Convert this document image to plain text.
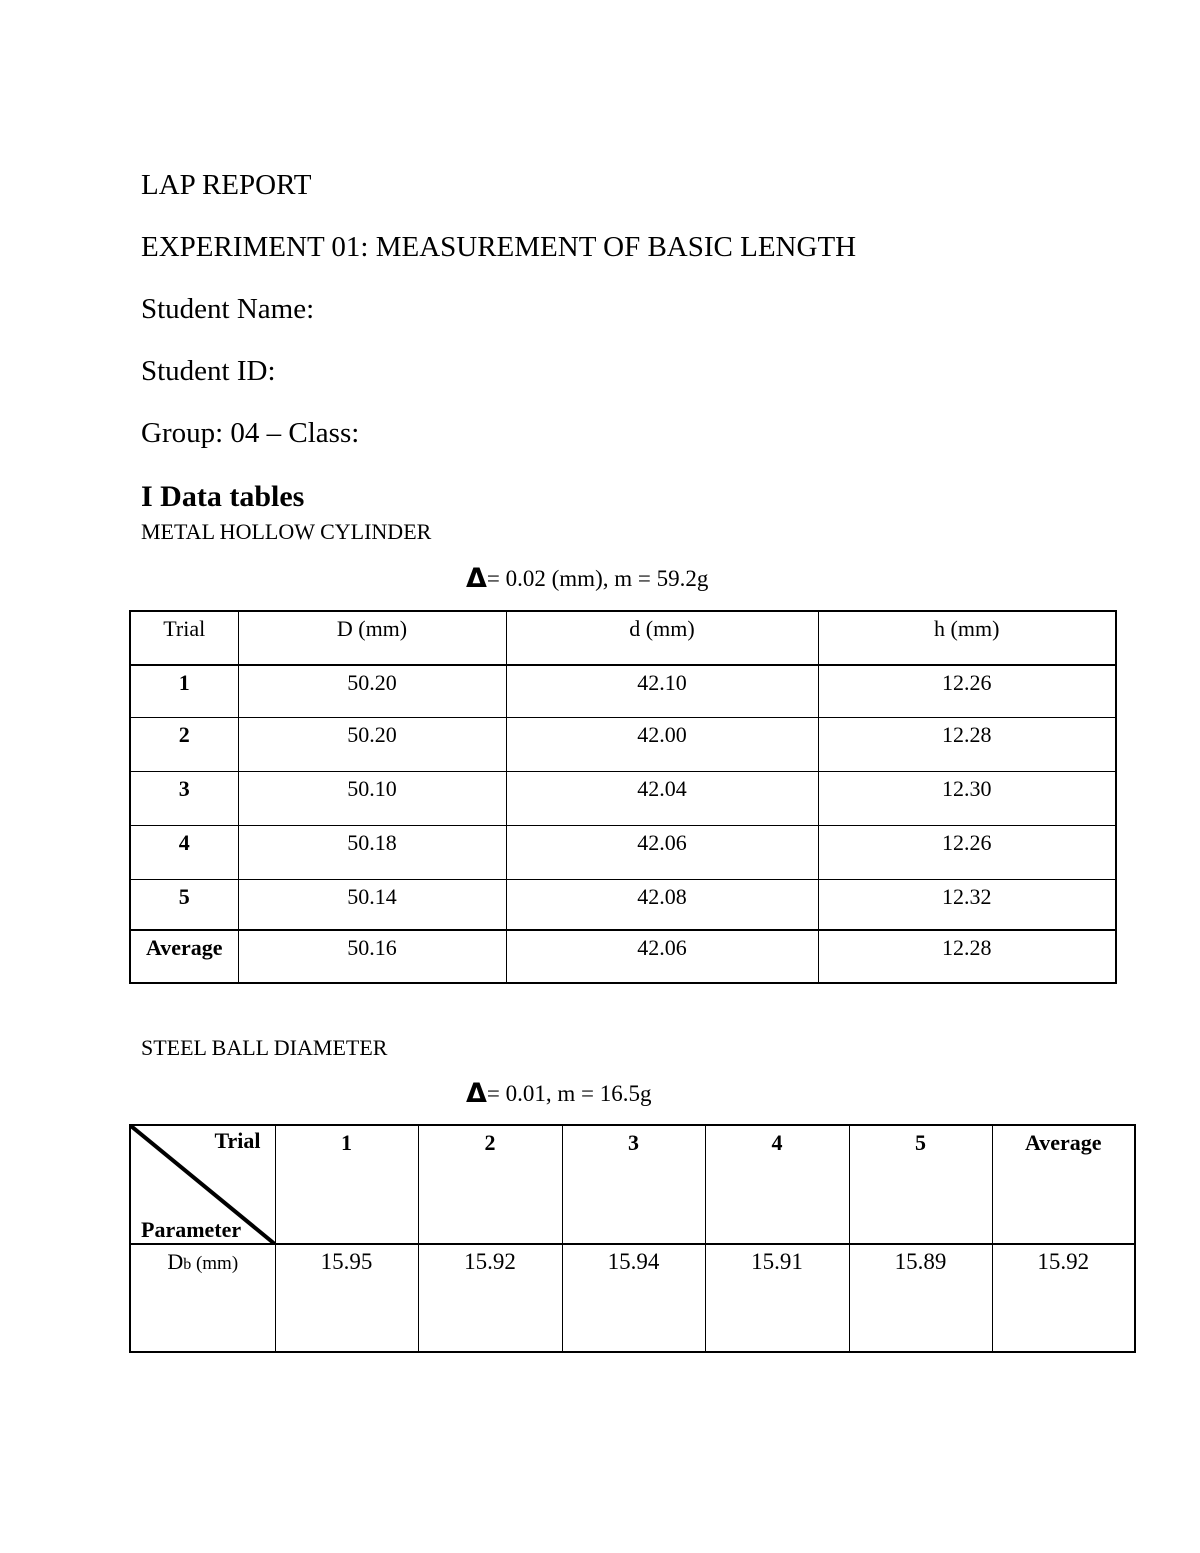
LAP REPORT
EXPERIMENT 01: MEASUREMENT OF BASIC LENGTH
Student Name:
Student ID:
Group: 04 – Class:
I Data tables
METAL HOLLOW CYLINDER
Δ= 0.02 (mm), m = 59.2g
Trial	D (mm)	d (mm)	h (mm)
1	50.20	42.10	12.26
2	50.20	42.00	12.28
3	50.10	42.04	12.30
4	50.18	42.06	12.26
5	50.14	42.08	12.32
Average	50.16	42.06	12.28
STEEL BALL DIAMETER
Δ= 0.01, m = 16.5g
Trial
Parameter	1	2	3	4	5	Average
Db (mm)	15.95	15.92	15.94	15.91	15.89	15.92
